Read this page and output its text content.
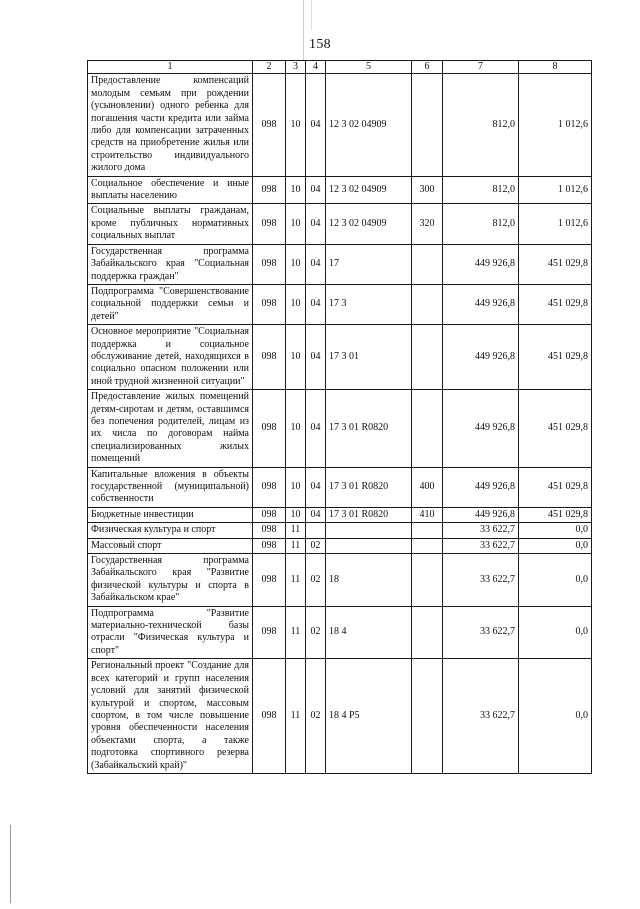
158
1	2	3	4	5	6	7	8
Предоставление компенсаций молодым семьям при рождении (усыновлении) одного ребенка для погашения части кредита или займа либо для компенсации затраченных средств на приобретение жилья или строительство индивидуального жилого дома	098	10	04	12 3 02 04909		812,0	1 012,6
Социальное обеспечение и иные выплаты населению	098	10	04	12 3 02 04909	300	812,0	1 012,6
Социальные выплаты гражданам, кроме публичных нормативных социальных выплат	098	10	04	12 3 02 04909	320	812,0	1 012,6
Государственная программа Забайкальского края "Социальная поддержка граждан"	098	10	04	17		449 926,8	451 029,8
Подпрограмма "Совершенствование социальной поддержки семьи и детей"	098	10	04	17 3		449 926,8	451 029,8
Основное мероприятие "Социальная поддержка и социальное обслуживание детей, находящихся в социально опасном положении или иной трудной жизненной ситуации"	098	10	04	17 3 01		449 926,8	451 029,8
Предоставление жилых помещений детям-сиротам и детям, оставшимся без попечения родителей, лицам из их числа по договорам найма специализированных жилых помещений	098	10	04	17 3 01 R0820		449 926,8	451 029,8
Капитальные вложения в объекты государственной (муниципальной) собственности	098	10	04	17 3 01 R0820	400	449 926,8	451 029,8
Бюджетные инвестиции	098	10	04	17 3 01 R0820	410	449 926,8	451 029,8
Физическая культура и спорт	098	11				33 622,7	0,0
Массовый спорт	098	11	02			33 622,7	0,0
Государственная программа Забайкальского края "Развитие физической культуры и спорта в Забайкальском крае"	098	11	02	18		33 622,7	0,0
Подпрограмма "Развитие материально-технической базы отрасли "Физическая культура и спорт"	098	11	02	18 4		33 622,7	0,0
Региональный проект "Создание для всех категорий и групп населения условий для занятий физической культурой и спортом, массовым спортом, в том числе повышение уровня обеспеченности населения объектами спорта, а также подготовка спортивного резерва (Забайкальский край)"	098	11	02	18 4 P5		33 622,7	0,0
